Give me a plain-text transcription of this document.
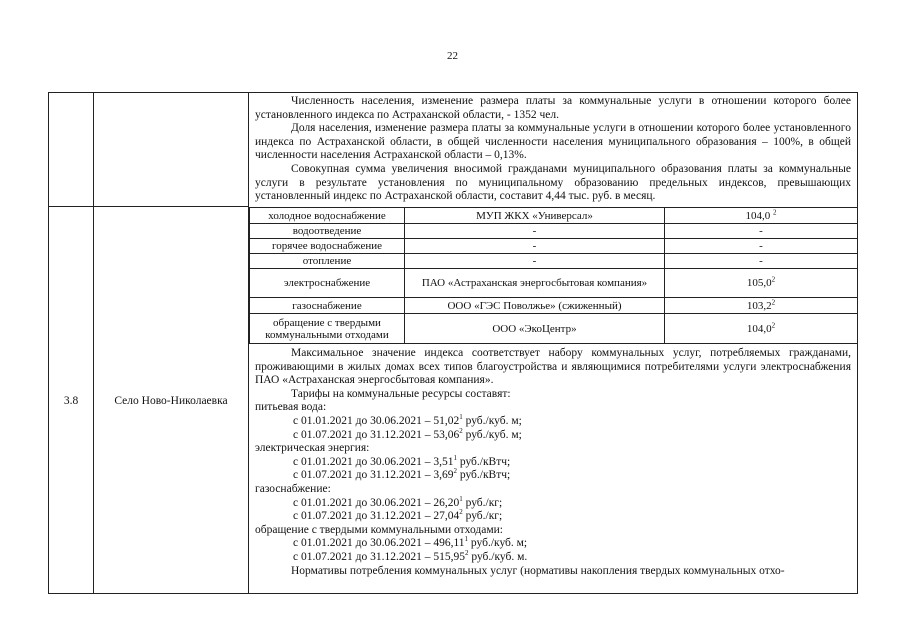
22

Численность населения, изменение размера платы за коммунальные услуги в отношении которого более установленного индекса по Астраханской области, - 1352 чел.

Доля населения, изменение размера платы за коммунальные услуги в отношении которого более установленного индекса по Астраханской области, в общей численности населения муниципального образования – 100%, в общей численности населения Астраханской области – 0,13%.

Совокупная сумма увеличения вносимой гражданами муниципального образования платы за коммунальные услуги в результате установления по муниципальному образованию предельных индексов, превышающих установленный индекс по Астраханской области, составит 4,44 тыс. руб. в месяц.

3.8	Село Ново-Николаевка
холодное водоснабжение	МУП ЖКХ «Универсал»	104,0 $^2$
водоотведение	-	-
горячее водоснабжение	-	-
отопление	-	-
электроснабжение	ПАО «Астраханская энергосбытовая компания»	105,0$^2$
газоснабжение	ООО «ГЭС Поволжье» (сжиженный)	103,2$^2$
обращение с твердыми коммунальными отходами	ООО «ЭкоЦентр»	104,0$^2$

Максимальное значение индекса соответствует набору коммунальных услуг, потребляемых гражданами, проживающими в жилых домах всех типов благоустройства и являющимися потребителями услуги электроснабжения ПАО «Астраханская энергосбытовая компания».

Тарифы на коммунальные ресурсы составят:

питьевая вода:

с 01.01.2021 до 30.06.2021 – 51,02$^1$ руб./куб. м;

с 01.07.2021 до 31.12.2021 – 53,06$^2$ руб./куб. м;

электрическая энергия:

с 01.01.2021 до 30.06.2021 – 3,51$^1$ руб./кВтч;

с 01.07.2021 до 31.12.2021 – 3,69$^2$ руб./кВтч;

газоснабжение:

с 01.01.2021 до 30.06.2021 – 26,20$^1$ руб./кг;

с 01.07.2021 до 31.12.2021 – 27,04$^2$ руб./кг;

обращение с твердыми коммунальными отходами:

с 01.01.2021 до 30.06.2021 – 496,11$^1$ руб./куб. м;

с 01.07.2021 до 31.12.2021 – 515,95$^2$ руб./куб. м.

Нормативы потребления коммунальных услуг (нормативы накопления твердых коммунальных отхо-
